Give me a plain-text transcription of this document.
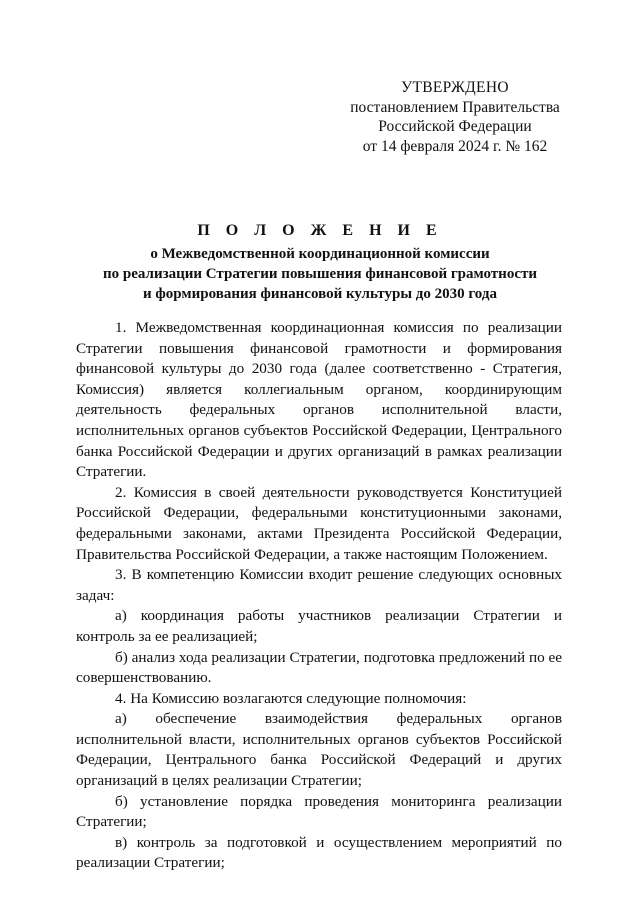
УТВЕРЖДЕНО
постановлением Правительства
Российской Федерации
от 14 февраля 2024 г. № 162
П О Л О Ж Е Н И Е
о Межведомственной координационной комиссии
по реализации Стратегии повышения финансовой грамотности
и формирования финансовой культуры до 2030 года

1. Межведомственная координационная комиссия по реализации Стратегии повышения финансовой грамотности и формирования финансовой культуры до 2030 года (далее соответственно - Стратегия, Комиссия) является коллегиальным органом, координирующим деятельность федеральных органов исполнительной власти, исполнительных органов субъектов Российской Федерации, Центрального банка Российской Федерации и других организаций в рамках реализации Стратегии.

2. Комиссия в своей деятельности руководствуется Конституцией Российской Федерации, федеральными конституционными законами, федеральными законами, актами Президента Российской Федерации, Правительства Российской Федерации, а также настоящим Положением.

3. В компетенцию Комиссии входит решение следующих основных задач:

а) координация работы участников реализации Стратегии и контроль за ее реализацией;

б) анализ хода реализации Стратегии, подготовка предложений по ее совершенствованию.

4. На Комиссию возлагаются следующие полномочия:

а) обеспечение взаимодействия федеральных органов исполнительной власти, исполнительных органов субъектов Российской Федерации, Центрального банка Российской Федераций и других организаций в целях реализации Стратегии;

б) установление порядка проведения мониторинга реализации Стратегии;

в) контроль за подготовкой и осуществлением мероприятий по реализации Стратегии;
